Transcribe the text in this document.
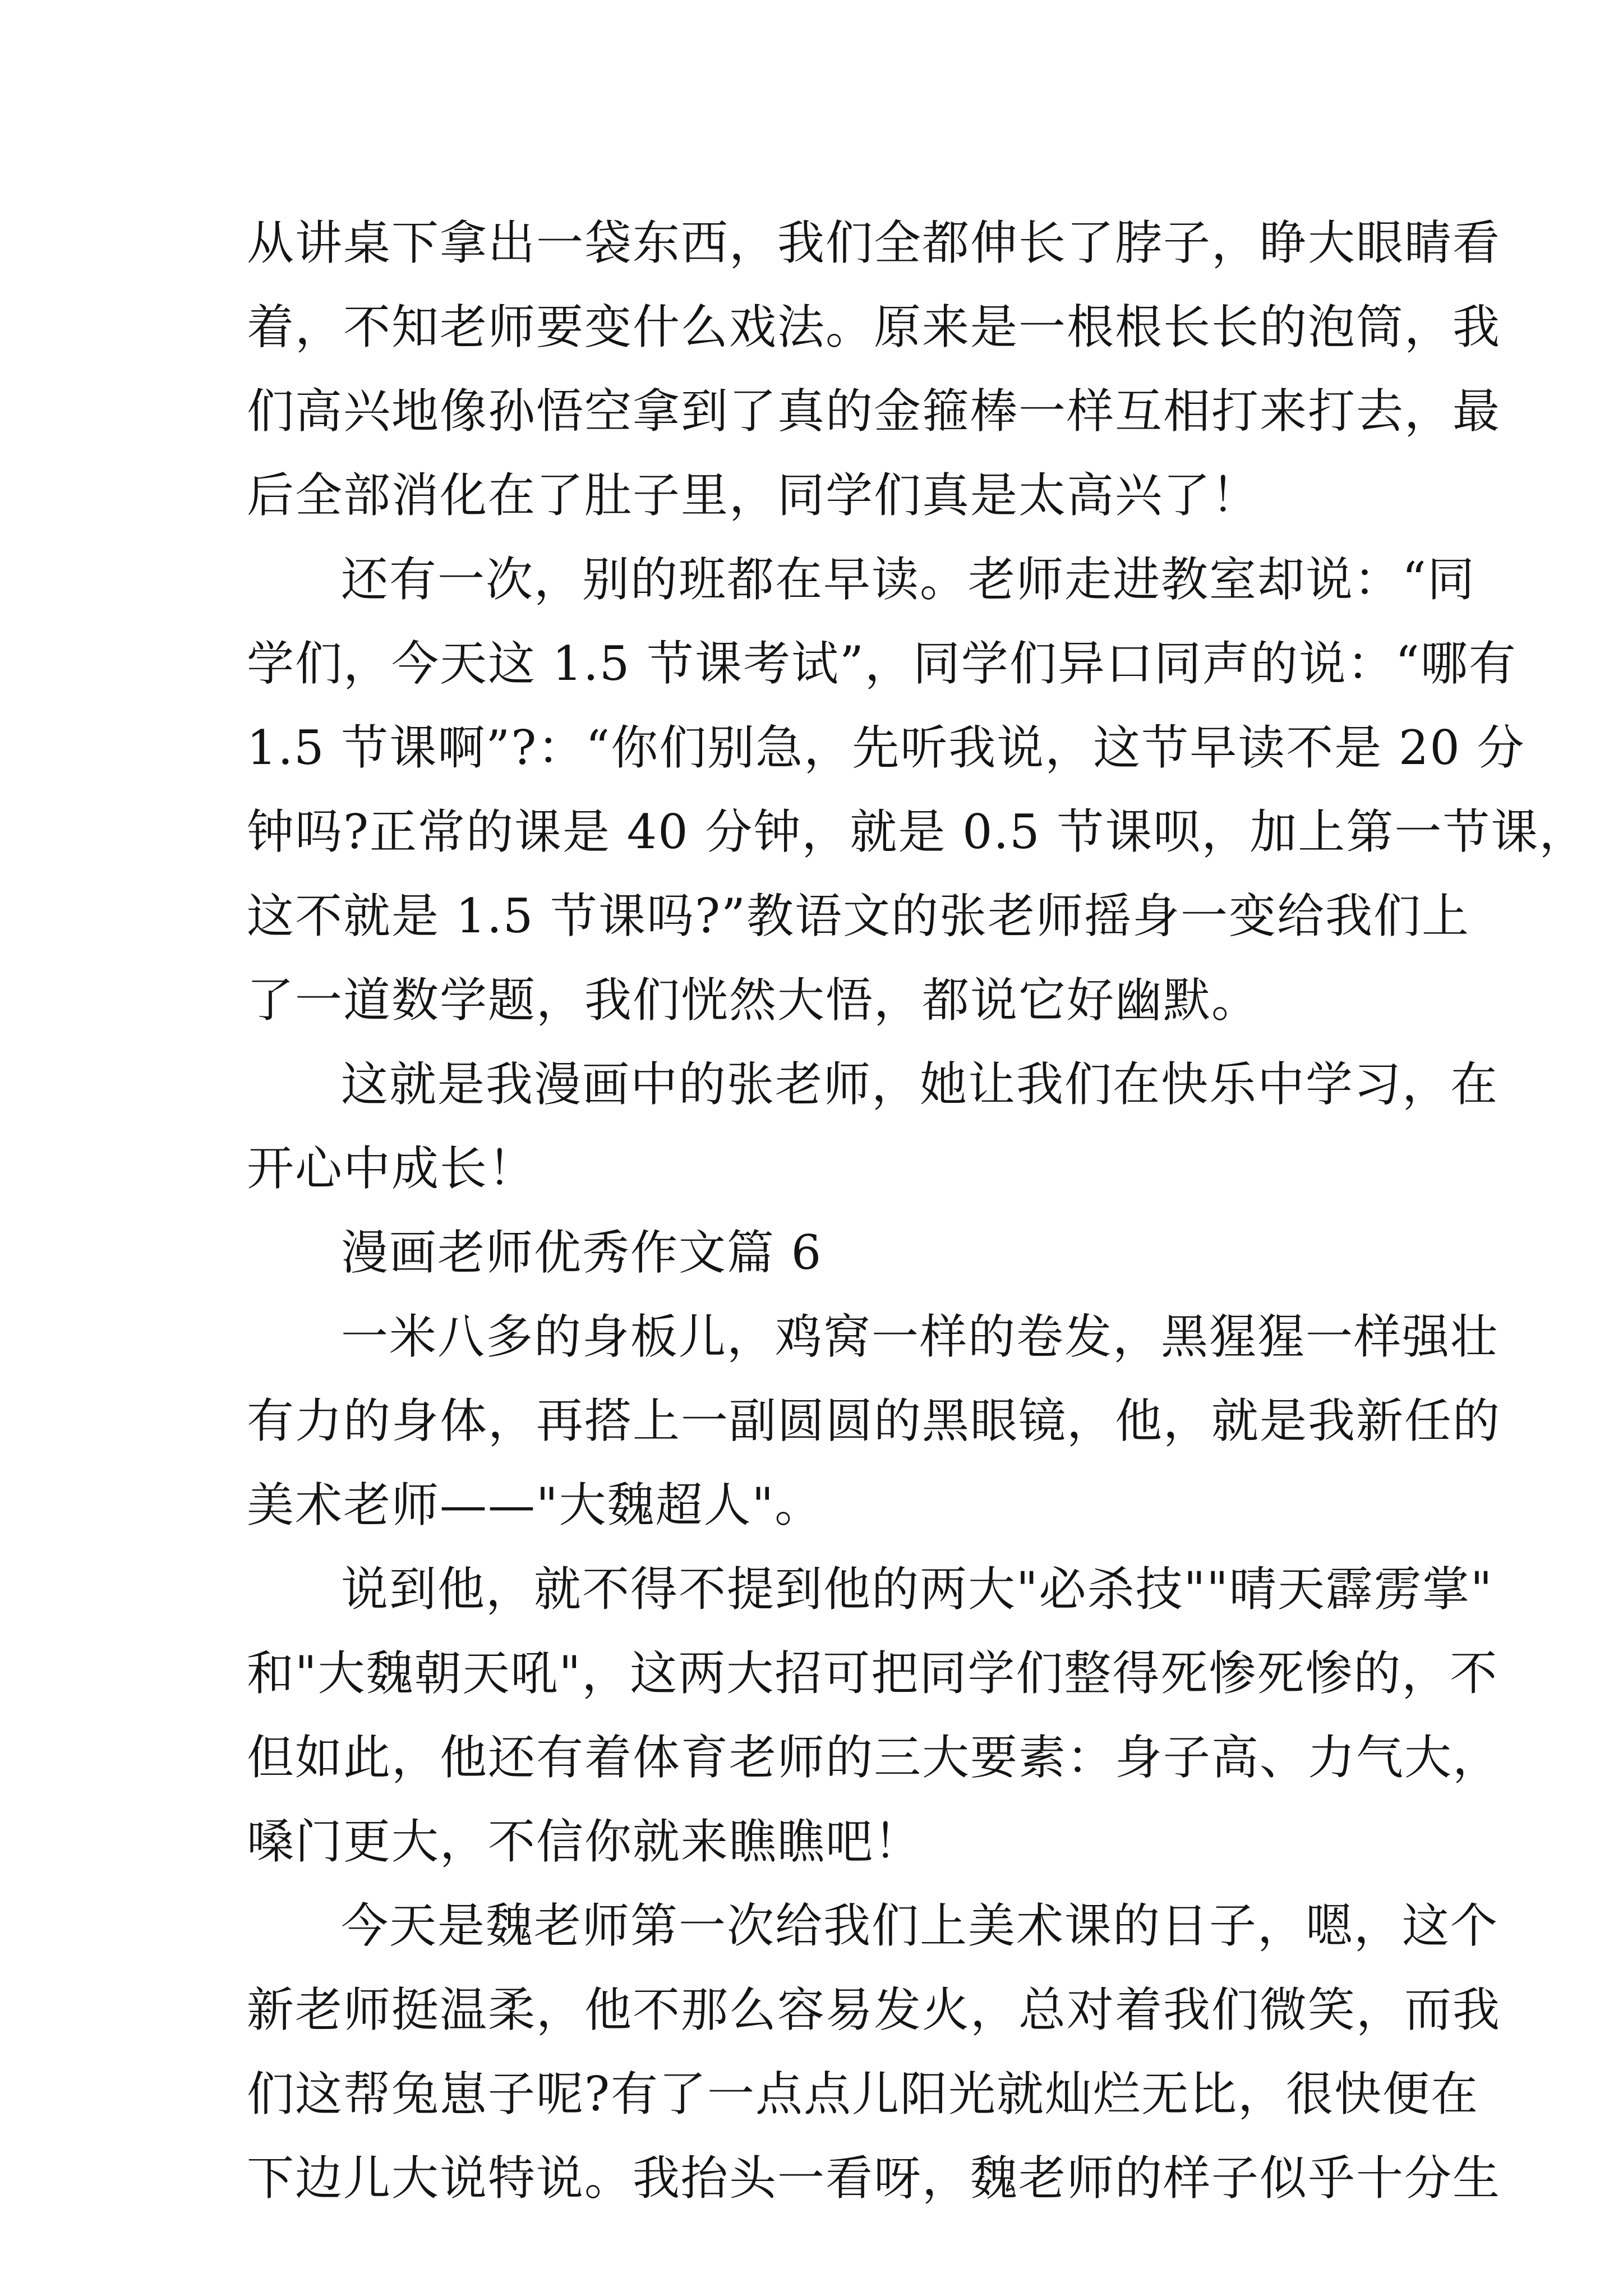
从讲桌下拿出一袋东西，我们全都伸长了脖子，睁大眼睛看
着，不知老师要变什么戏法。原来是一根根长长的泡筒，我
们高兴地像孙悟空拿到了真的金箍棒一样互相打来打去，最
后全部消化在了肚子里，同学们真是太高兴了！
还有一次，别的班都在早读。老师走进教室却说：“同
学们，今天这 1.5 节课考试”，同学们异口同声的说：“哪有
1.5 节课啊”?：“你们别急，先听我说，这节早读不是 20 分
钟吗?正常的课是 40 分钟，就是 0.5 节课呗，加上第一节课，
这不就是 1.5 节课吗?”教语文的张老师摇身一变给我们上
了一道数学题，我们恍然大悟，都说它好幽默。
这就是我漫画中的张老师，她让我们在快乐中学习，在
开心中成长！
漫画老师优秀作文篇 6
一米八多的身板儿，鸡窝一样的卷发，黑猩猩一样强壮
有力的身体，再搭上一副圆圆的黑眼镜，他，就是我新任的
美术老师——"大魏超人"。
说到他，就不得不提到他的两大"必杀技""晴天霹雳掌"
和"大魏朝天吼"，这两大招可把同学们整得死惨死惨的，不
但如此，他还有着体育老师的三大要素：身子高、力气大，
嗓门更大，不信你就来瞧瞧吧！
今天是魏老师第一次给我们上美术课的日子，嗯，这个
新老师挺温柔，他不那么容易发火，总对着我们微笑，而我
们这帮兔崽子呢?有了一点点儿阳光就灿烂无比，很快便在
下边儿大说特说。我抬头一看呀，魏老师的样子似乎十分生
